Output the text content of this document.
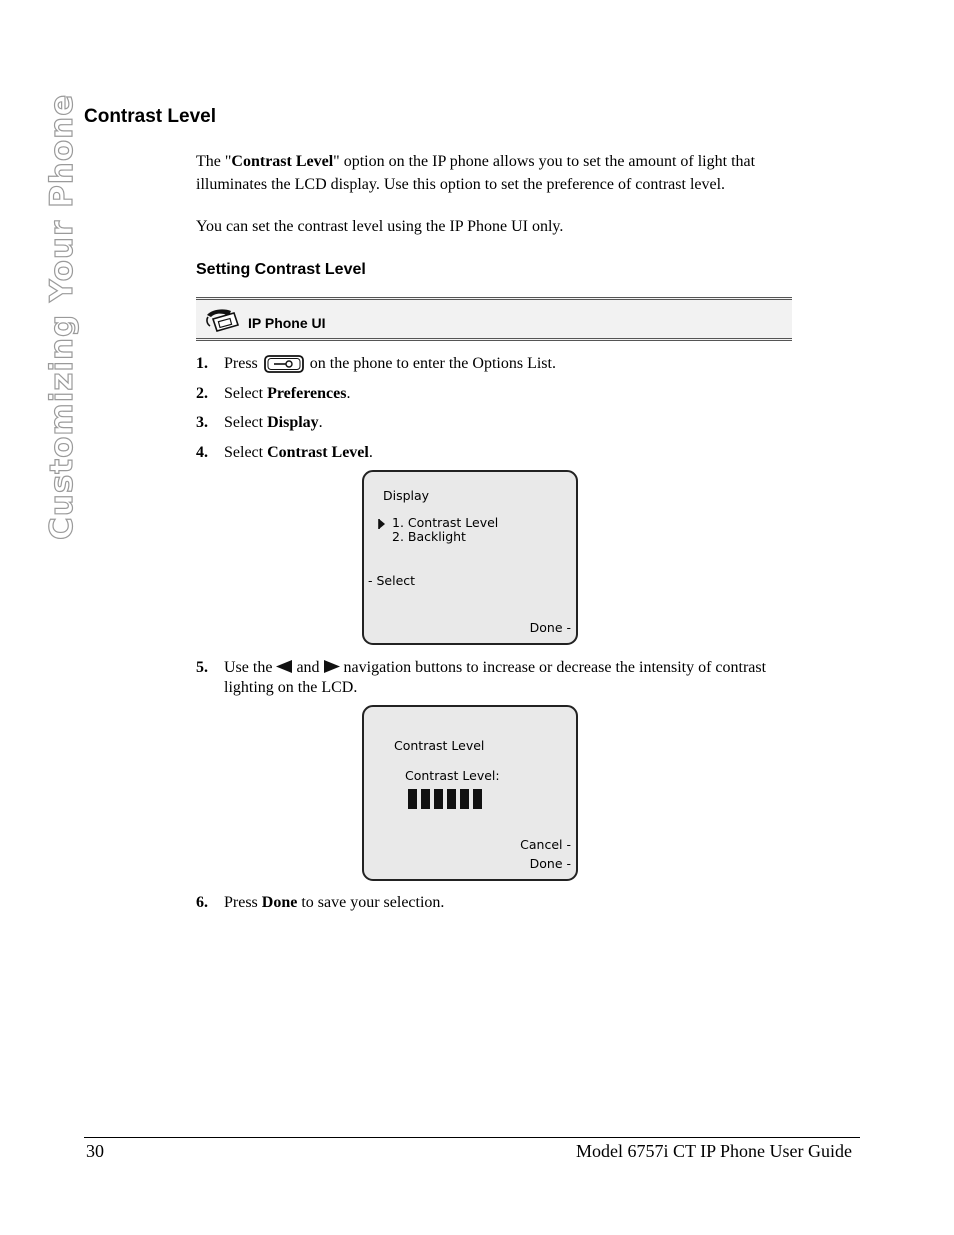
Customizing Your Phone Contrast Level
The "Contrast Level" option on the IP phone allows you to set the amount of light that illuminates the LCD display. Use this option to set the preference of contrast level.
You can set the contrast level using the IP Phone UI only.
Setting Contrast Level
IP Phone UI
1. Press	on the phone to enter the Options List.
2. Select Preferences.
3. Select Display.
4. Select Contrast Level.
Display
1. Contrast Level
2. Backlight
- Select
Done -
5. Use the and navigation buttons to increase or decrease the intensity of contrast lighting on the LCD.
Contrast Level
Contrast Level:
Cancel -
Done -
6. Press Done to save your selection.
30	Model 6757i CT IP Phone User Guide
